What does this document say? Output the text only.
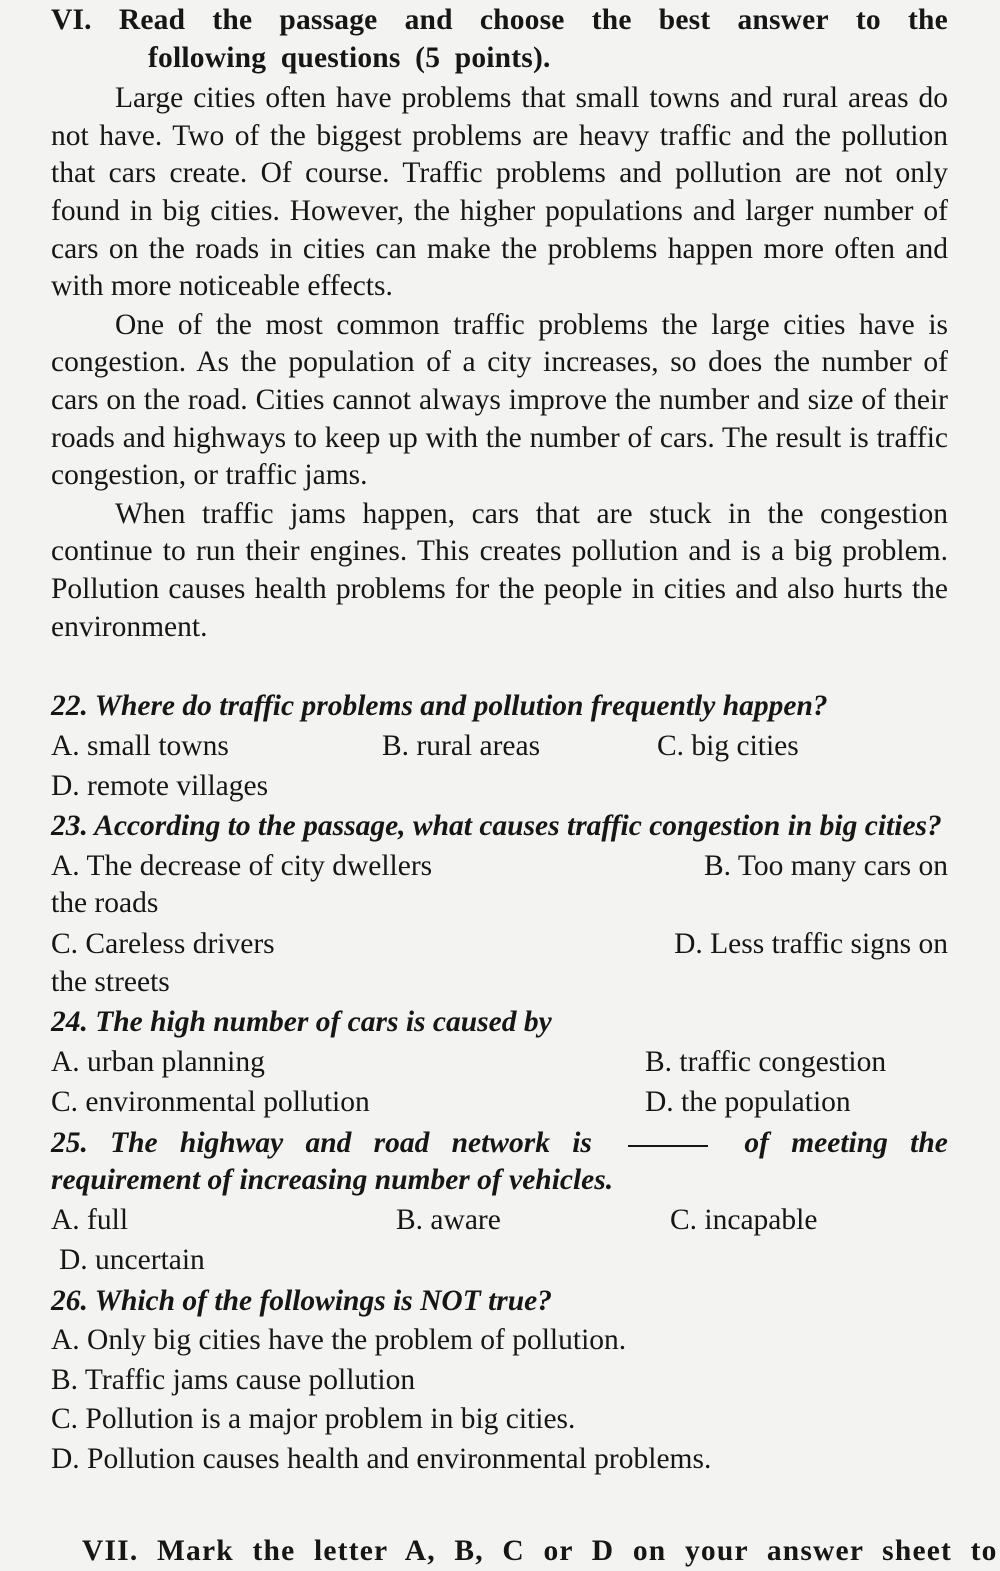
VI. Read the passage and choose the best answer to the
following questions (5 points).

Large cities often have problems that small towns and rural areas do not have. Two of the biggest problems are heavy traffic and the pollution that cars create. Of course. Traffic problems and pollution are not only found in big cities. However, the higher populations and larger number of cars on the roads in cities can make the problems happen more often and with more noticeable effects.

One of the most common traffic problems the large cities have is congestion. As the population of a city increases, so does the number of cars on the road. Cities cannot always improve the number and size of their roads and highways to keep up with the number of cars. The result is traffic congestion, or traffic jams.

When traffic jams happen, cars that are stuck in the congestion continue to run their engines. This creates pollution and is a big problem. Pollution causes health problems for the people in cities and also hurts the environment.

22. Where do traffic problems and pollution frequently happen?
A. small towns	B. rural areas	C. big cities
D. remote villages
23. According to the passage, what causes traffic congestion in big cities?
A. The decrease of city dwellers	B. Too many cars on
the roads
C. Careless drivers	D. Less traffic signs on
the streets
24. The high number of cars is caused by
A. urban planning	B. traffic congestion
C. environmental pollution	D. the population
25. The highway and road network is	of meeting the
requirement of increasing number of vehicles.
A. full	B. aware	C. incapable
D. uncertain
26. Which of the followings is NOT true?
A. Only big cities have the problem of pollution.
B. Traffic jams cause pollution
C. Pollution is a major problem in big cities.
D. Pollution causes health and environmental problems.
VII. Mark the letter A, B, C or D on your answer sheet to
